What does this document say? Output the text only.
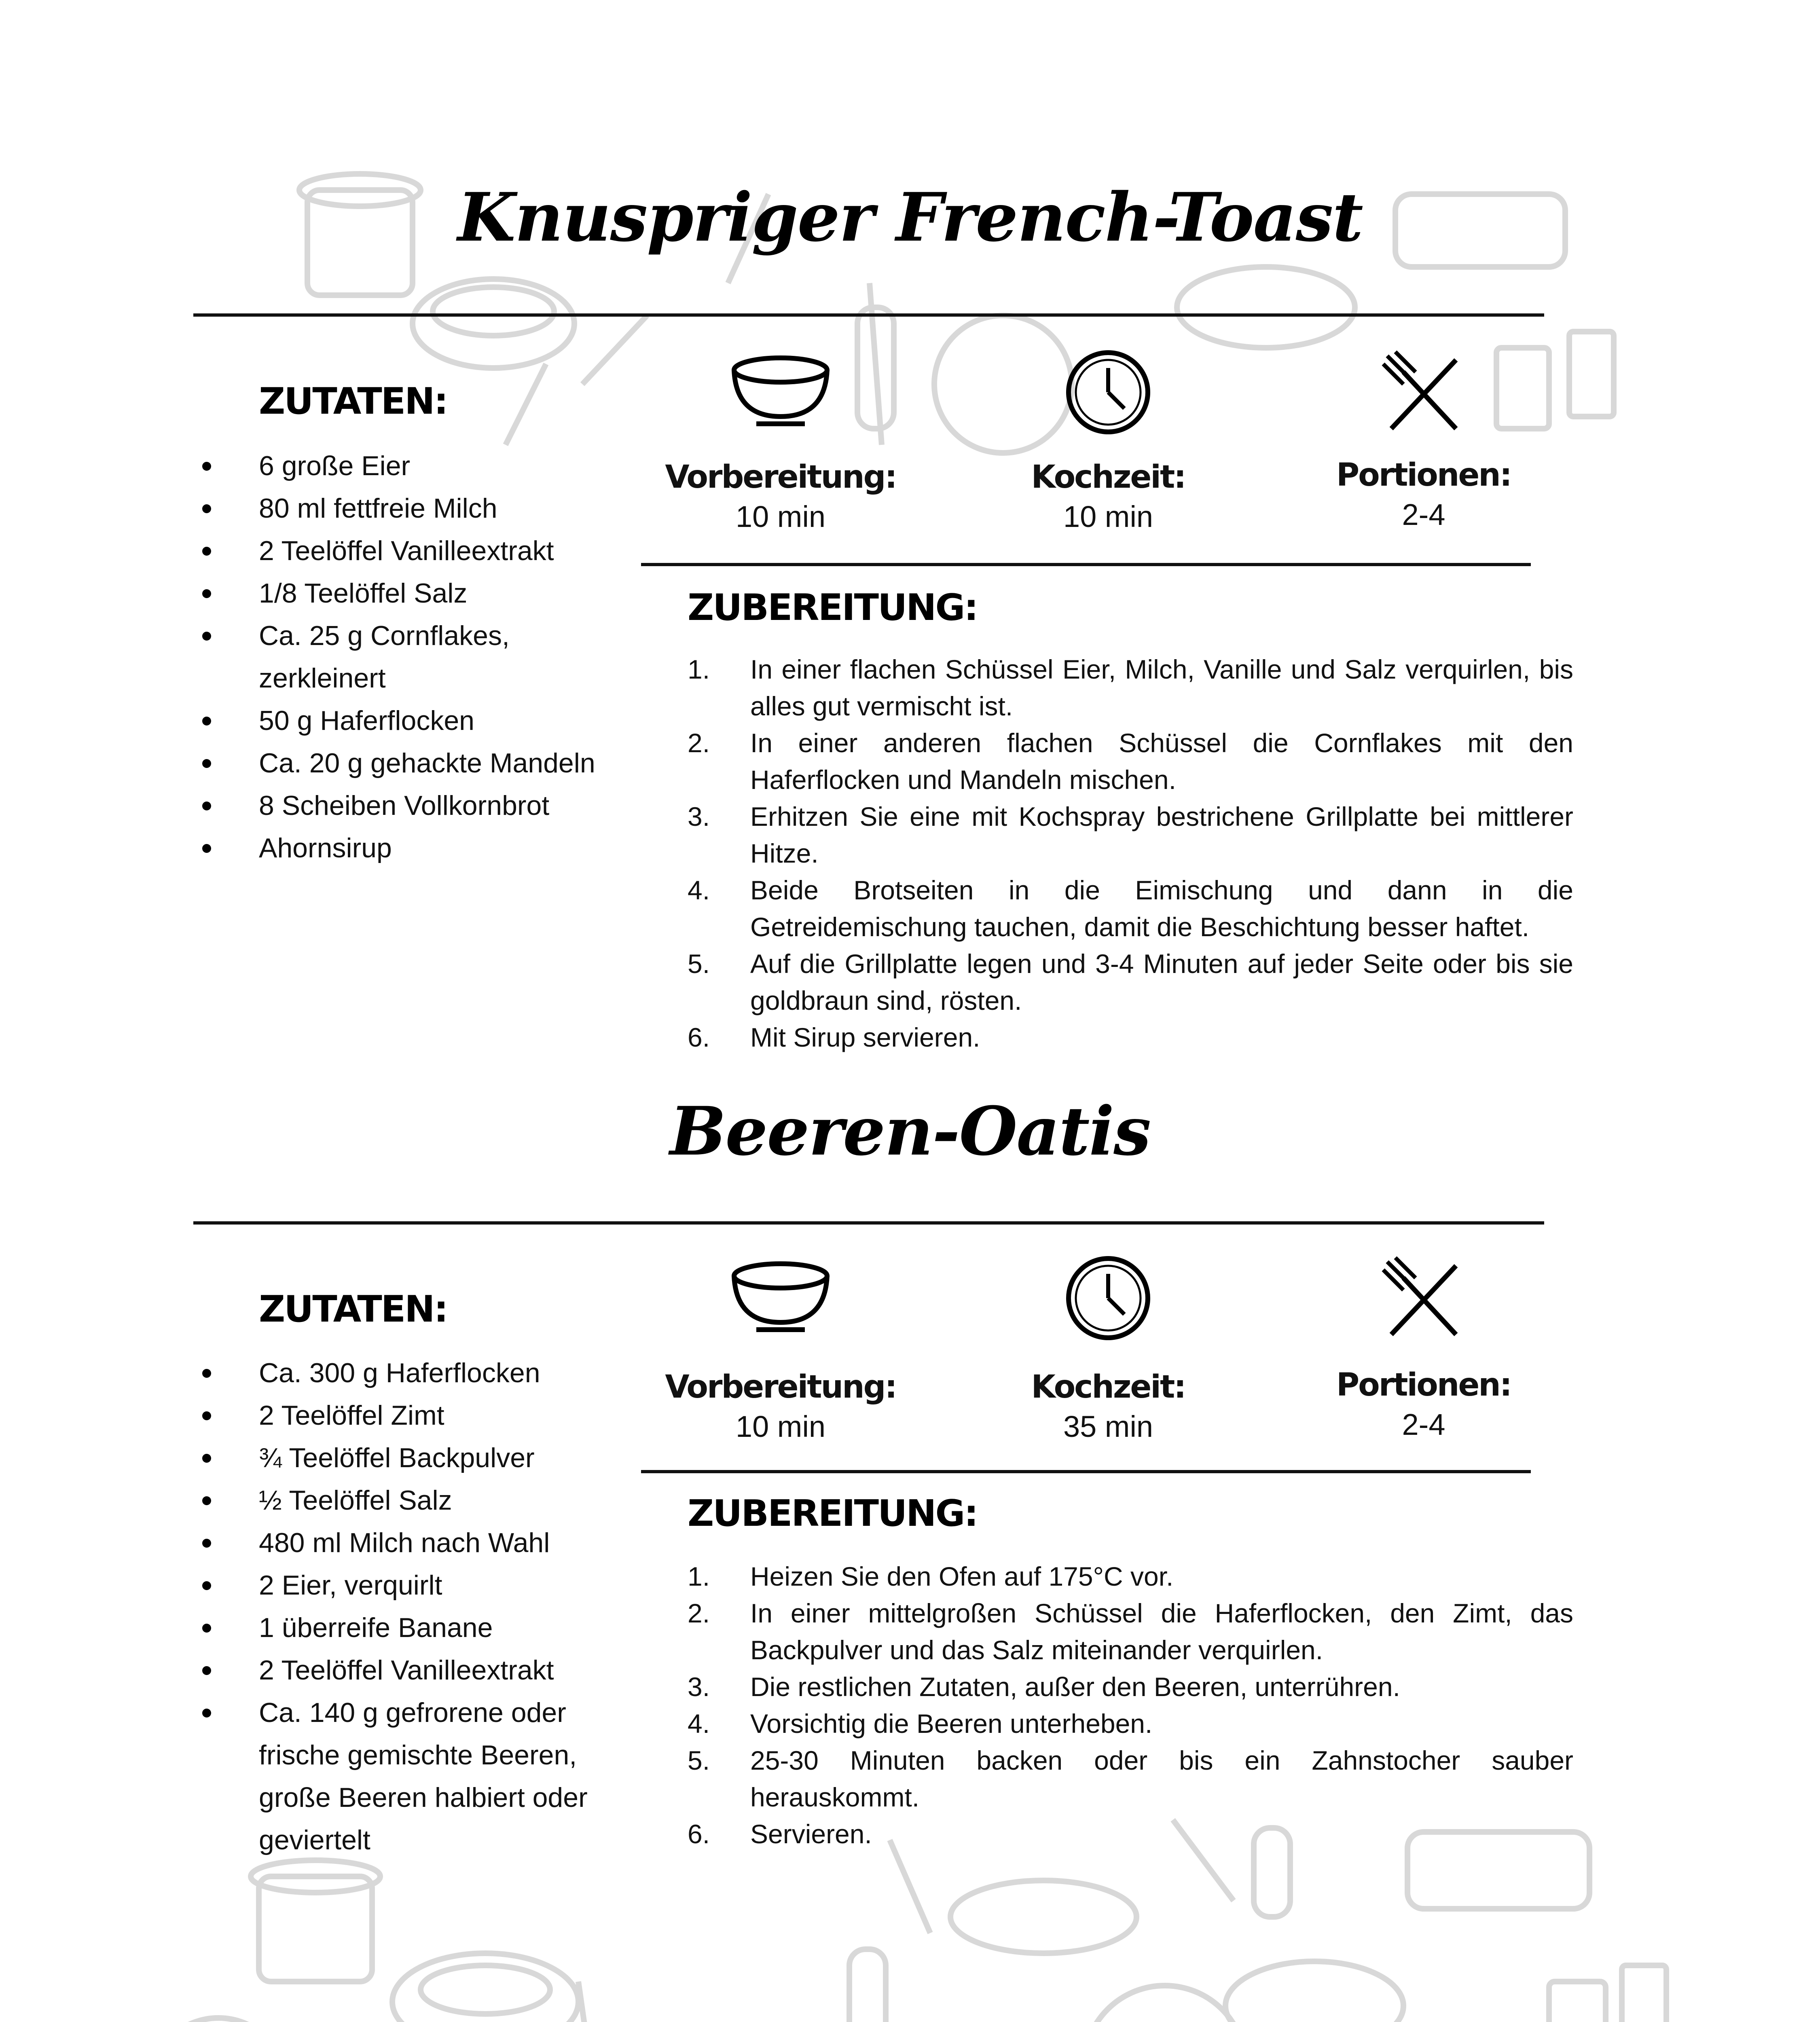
Knuspriger French-Toast
ZUTATEN:
6 große Eier
80 ml fettfreie Milch
2 Teelöffel Vanilleextrakt
1/8 Teelöffel Salz
Ca. 25 g Cornflakes, zerkleinert
50 g Haferflocken
Ca. 20 g gehackte Mandeln
8 Scheiben Vollkornbrot
Ahornsirup
Vorbereitung:
10 min
Kochzeit:
10 min
Portionen:
2-4
ZUBEREITUNG:
1. In einer flachen Schüssel Eier, Milch, Vanille und Salz verquirlen, bis alles gut vermischt ist.
2. In einer anderen flachen Schüssel die Cornflakes mit den Haferflocken und Mandeln mischen.
3. Erhitzen Sie eine mit Kochspray bestrichene Grillplatte bei mittlerer Hitze.
4. Beide Brotseiten in die Eimischung und dann in die Getreidemischung tauchen, damit die Beschichtung besser haftet.
5. Auf die Grillplatte legen und 3-4 Minuten auf jeder Seite oder bis sie goldbraun sind, rösten.
6. Mit Sirup servieren.
Beeren-Oatis
ZUTATEN:
Ca. 300 g Haferflocken
2 Teelöffel Zimt
¾ Teelöffel Backpulver
½ Teelöffel Salz
480 ml Milch nach Wahl
2 Eier, verquirlt
1 überreife Banane
2 Teelöffel Vanilleextrakt
Ca. 140 g gefrorene oder frische gemischte Beeren, große Beeren halbiert oder geviertelt
Vorbereitung:
10 min
Kochzeit:
35 min
Portionen:
2-4
ZUBEREITUNG:
1. Heizen Sie den Ofen auf 175°C vor.
2. In einer mittelgroßen Schüssel die Haferflocken, den Zimt, das Backpulver und das Salz miteinander verquirlen.
3. Die restlichen Zutaten, außer den Beeren, unterrühren.
4. Vorsichtig die Beeren unterheben.
5. 25-30 Minuten backen oder bis ein Zahnstocher sauber herauskommt.
6. Servieren.
